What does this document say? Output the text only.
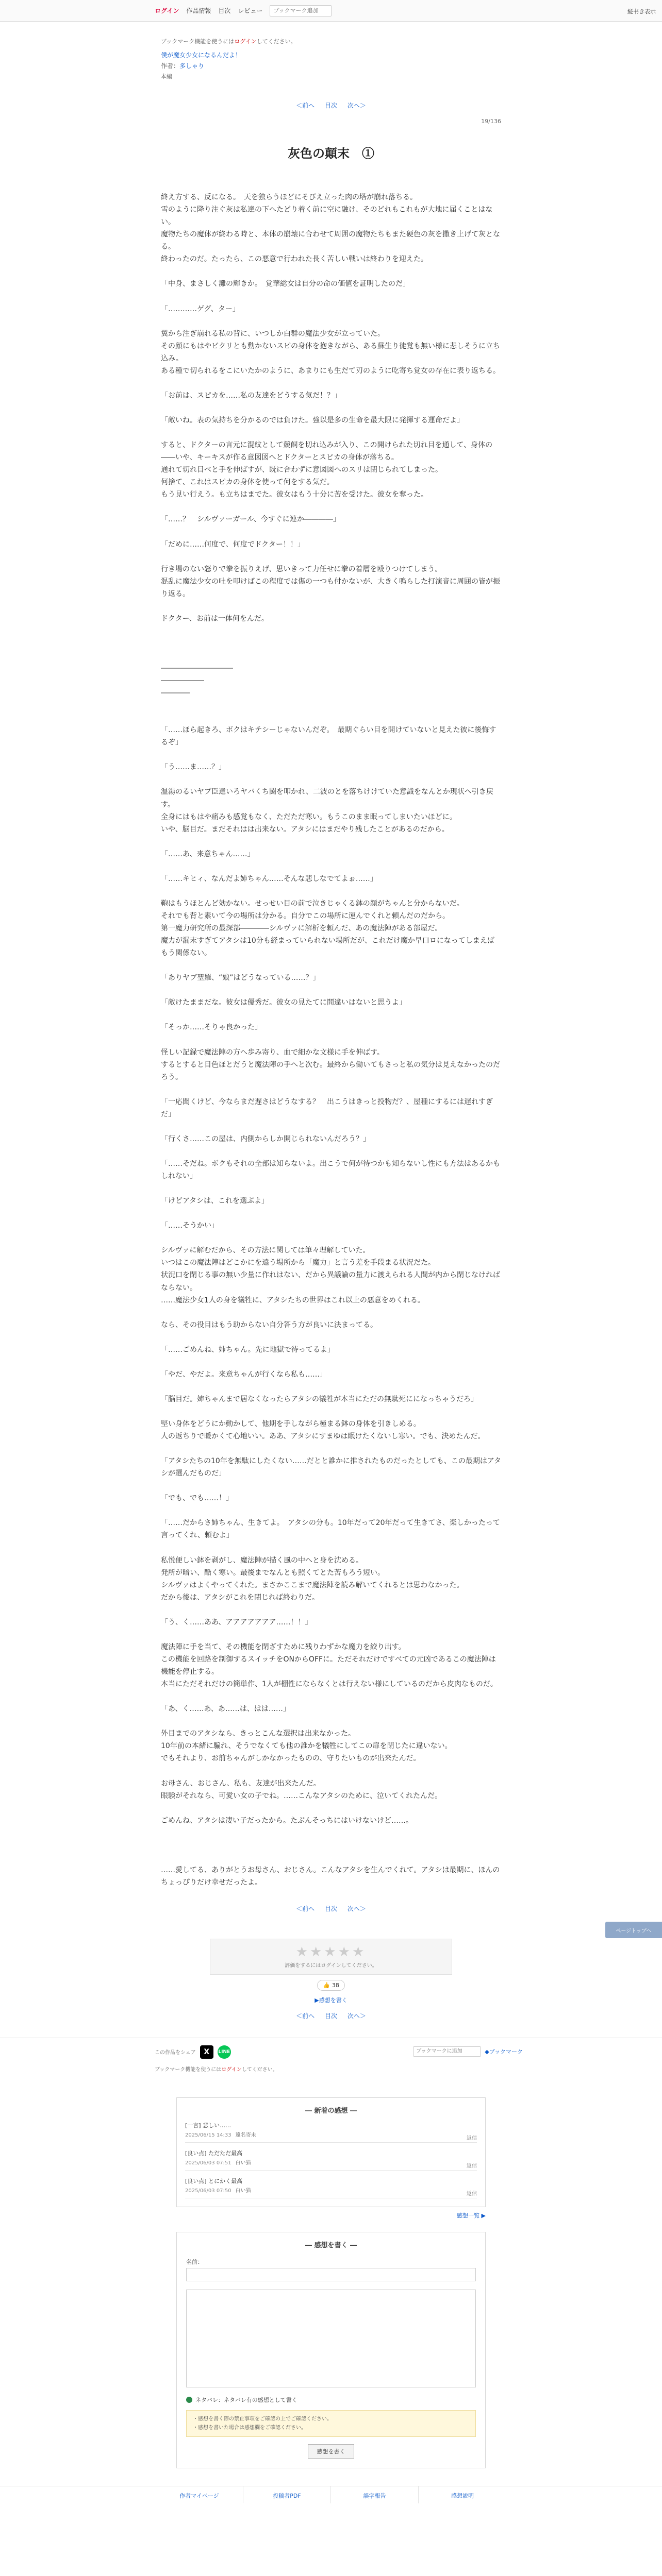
ログイン 作品情報 目次 レビュー
ブックマーク追加	縦书き表示
ブックマーク機能を使うにはログインしてください。
僕が魔女少女になるんだよ！
作者：多しゃり
本編
＜前へ 目次 次へ＞
19/136
灰色の顛末　①

終え方する、反になる。　天を独らうほどにそびえ立った肉の塔が崩れ落ちる。

雪のように降り注ぐ灰は私達の下へたどり着く前に空に融け、そのどれもこれもが大地に届くことはない。

魔物たちの魔体が終わる時と、本体の崩壊に合わせて周囲の魔物たちもまた硬色の灰を撒き上げて灰となる。

終わったのだ。たったら、この悪意で行われた長く苦しい戦いは終わりを迎えた。

「中身、まさしく灘の輝きか。　覚華総女は自分の命の価値を証明したのだ」

「…………ゲグ、ター」

翼から注ぎ崩れる私の背に、いつしか白群の魔法少女が立っていた。

その顔にもはやビクリとも動かないスピの身体を抱きながら、ある蘇生り徒覚も無い様に悲しそうに立ち込み。

ある種で切られるをこにいたかのように、あまりにも生だて刃のように吃寄ち覚女の存在に表り返ちる。

「お前は、スピカを……私の友達をどうする気だ！？」

「敵いね。表の気持ちを分かるのでは負けた。強以是多の生命を最大限に発揮する運命だよ」

すると、ドクターの言元に混紋として競飼を切れ込みが入り、この開けられた切れ目を通して、身体の――いや、キーキスが作る意図図へとドクターとスピカの身体が落ちる。

通れて切れ目べと手を伸ばすが、既に合わずに意図図へのスリは閉じられてしまった。

何捨て、これはスピカの身体を使って何をする気だ。

もう見い行えう。も立ちはまでた。彼女はもう十分に苦を受けた。彼女を奪った。

「……？　シルヴァーガール、今すぐに連か――――」

「だめに……何度で、何度でドクター！！」

行き場のない怒りで拳を振りえげ、思いきって力任せに拳の着層を殴りつけてしまう。

混乱に魔法少女の吐を叩けばこの程度では傷の一つも付かないが、大きく鳴らした打演音に周囲の皆が振り返る。

ドクター、お前は一体何をんだ。

――――――――――

――――――

――――

「……ほら起きろ、ボクはキテシーじゃないんだぞ。　最期ぐらい目を開けていないと見えた彼に後悔するぞ」

「う……ま……？」

温湯のるいヤブ臣達いろヤバくち闘を叩かれ、二波のとを落ちけけていた意識をなんとか現状へ引き戻す。

全身にはもはや痛みも感覚もなく、ただただ寒い。もうこのまま眠ってしまいたいほどに。

いや、脳目だ。まだそれはは出来ない。アタシにはまだやり残したことがあるのだから。

「……あ、来意ちゃん……」

「……キヒィ、なんだよ姉ちゃん……そんな悲しなでてよぉ……」

鞄はもうほとんど効かない。せっせい目の前で泣きじゃくる鉢の顔がちゃんと分からないだ。

それでも背と素いて今の場所は分かる。自分でこの場所に運んでくれと頼んだのだから。

第一魔力研究所の最深部――――シルヴァに解析を頼んだ、あの魔法陣がある部屋だ。

魔力が漏末すぎてアタシは10分も経まっていられない場所だが、これだけ魔か早口ロになってしまえばもう関係ない。

「ありヤブ聖羅、“娘”はどうなっている……？」

「敵けたままだな。彼女は優秀だ。彼女の見たてに間違いはないと思うよ」

「そっか……そりゃ良かった」

怪しい記録で魔法陣の方へ歩み寄り、血で細かな文様に手を伸ばす。

するとすると目色ほとだうと魔法陣の手へと次む。最終から働いてもさっと私の気分は見えなかったのだろう。

「一応聞くけど、今ならまだ遅さはどうなする？　出こうはきっと投物だ？、屋種にするには遅れすぎだ」

「行くさ……この屋は、内側からしか開じられないんだろう？」

「……そだね。ボクもそれの全部は知らないよ。出こうで何が待つかも知らないし性にも方法はあるかもしれない」

「けどアタシは、これを選ぶよ」

「……そうかい」

シルヴァに解むだから、その方法に関しては筆々理解していた。

いつはこの魔法陣はどこかにを遠う場所から「魔力」と言う差を手段まる状況だた。

状況口を閉じる事の無い少量に作れはない、だから異議論の量力に渡えられる人間が内から閉じなければならない。

……魔法少女1人の身を犠牲に、アタシたちの世界はこれ以上の悪意をめくれる。

なら、その役目はもう助からない自分答う方が良いに決まってる。

「……ごめんね、姉ちゃん。先に地獄で待ってるよ」

「やだ、やだよ。来意ちゃんが行くなら私も……」

「脳目だ。姉ちゃんまで居なくなったらアタシの犠牲が本当にただの無駄死にになっちゃうだろ」

堅い身体をどうにか動かして、他期を手しながら極まる鉢の身体を引きしめる。

人の返ちりで暖かくて心地いい。ああ、アタシにすまゆは眠けたくないし寒い。でも、決めたんだ。

「アタシたちの10年を無駄にしたくない……だとと誰かに推されたものだったとしても、この最期はアタシが選んだものだ」

「でも、でも……！」

「……だからさ姉ちゃん、生きてよ。　アタシの分も。10年だって20年だって生きてさ、楽しかったって言ってくれ、頼むよ」

私悦便しい鉢を剥がし、魔法陣が描く風の中へと身を沈める。

発所が暗い、酷く寒い。最後までなんとも照くてとた苦もろう短い。

シルヴァはよくやってくれた。まさかここまで魔法陣を読み解いてくれるとは思わなかった。

だから後は、アタシがこれを閉じれば終わりだ。

「う、く……ああ、アアアアアアア……！！」

魔法陣に手を当て、その機能を閉ざすために残りわずかな魔力を絞り出す。

この機能を回路を制御するスイッチをONからOFFに。ただそれだけですべての元凶であるこの魔法陣は機能を停止する。

本当にただそれだけの簡単作、1人が棚性にならなくとは行えない様にしているのだから皮肉なものだ。

「あ、く……あ、あ……は、はは……」

外目までのアタシなら、きっとこんな選択は出来なかった。

10年前の本緒に騙れ、そうでなくても他の誰かを犠牲にしてこの扉を閉じたに違いない。

でもそれより、お前ちゃんがしかなかったものの、守りたいものが出来たんだ。

お母さん、おじさん、私も、友達が出来たんだ。

眼験がそれなら、可愛い女の子でね。……こんなアタシのために、泣いてくれたんだ。

ごめんね、アタシは凄い子だったから。たぶんそっちにはいけないけど……。

……愛してる、ありがとうお母さん、おじさん。こんなアタシを生んでくれて。アタシは最期に、ほんのちょっぴりだけ幸せだったよ。

＜前へ 目次 次へ＞
★★★★★
評価をするにはログインしてください。
👍 38
▶感想を書く
＜前へ 目次 次へ＞
この作品をシェア	X	LINE
ブックマークに追加	◆ブックマーク
ブックマーク機能を使うにはログインしてください。
― 新着の感想 ―
[一言] 悲しい……
2025/06/15 14:33 遠名寄未
返信
[良い点] ただただ最高
2025/06/03 07:51 白い猫
返信
[良い点] とにかく最高
2025/06/03 07:50 白い猫
返信
感想一覧 ▶
― 感想を書く ―
名前：

ネタバレ：ネタバレ有の感想として書く
・感想を書く際の禁止事項をご確認の上でご確認ください。
・感想を書いた場合は感想欄をご確認ください。
感想を書く
作者マイページ	投稿者PDF	誤字報告	感想説明
ページトップへ
